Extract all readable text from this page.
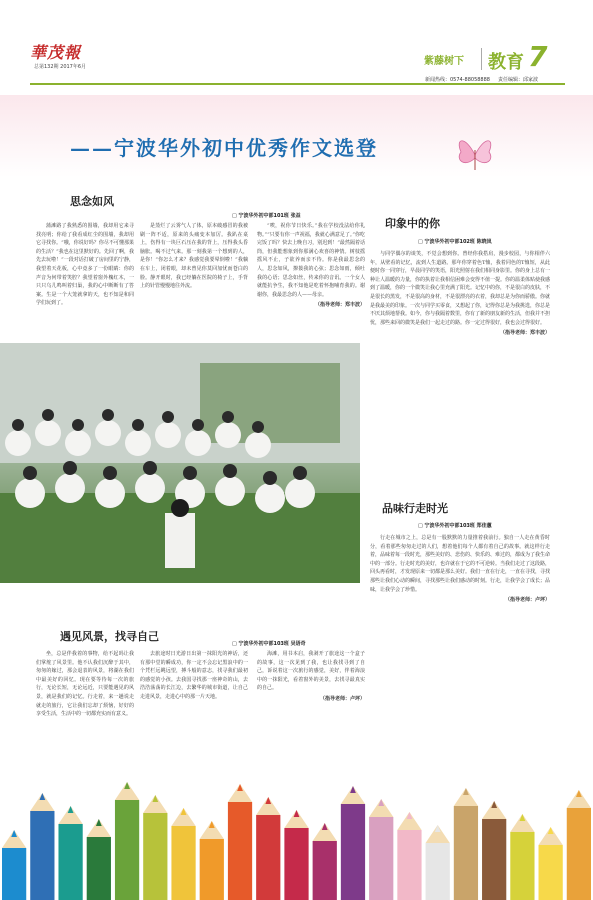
華茂報
总第132期 2017年6月	紫藤树下 教育 7
新闻热线：0574-88058888 责任编辑：邱家波
——宁波华外初中优秀作文选登
思念如风
□ 宁波华外初中部101班 张益

蒲滩路了我熟悉的围墙，我却用它来寻找亮明；你给了我看成红尘的围墙，我却用它寻找你。“哦，你说好吗？你尽不可懂那果的生活？”我也在这里默好的。先回了啊，我先去玩啦！”一段对话打破了房间里的宁静，我望着天花板，心中竟多了一份眼睛：你的声音为何带着笑腔？我望着窗外槐红木，一只只乌儿鸣叫着归巢，我的心中断断有了答案。生是一个大笼就拿的天，也不知是和同学们玩到了。

是蒸烂了云雾气人了体，原本破感冒的我被刷一阵不适，原来的头痛变本加厉。我趴在桌上，伤得有一块巨石压在我的背上，压得我头昏脑胀。喝不过气来。那一刻我第一个想到的人，是你！“你怎么才来？我感觉我要晕倒啦！”我躺在车上，闭着眼，却未曾见你莫回加忧而苍白的脸。静开眼时，我已经躺在医院的椅子上，手背上的针管慢慢地往外流。

“唉，祝你节日快乐。”我在学校没法给你礼物。”“只要有你一声祝福，我就心满意足了。”你吃完饭了吗？快去上晚自习，别迟到！”最然隔着话筒，但我能想象到你那满心欢喜的神情。树枝摇摇风不止，子欲养而亲不待。你是我最思念的人，思念如风，撩拨我的心弦；思念如雨，倾吐我的心语；思念如丝，传来你的音讯。一个女人就能抗争生，我不知他是吃着怀抱哺育我的。谢谢你，我最思念的人——母亲。

（指导老师：郑丰波）
印象中的你
□ 宁波华外初中部102班 陈晓岚

与同学偶尔的谈笑，不觉会想到你。曾经你我搭肩，漫步校园，与你相伴六年，从壁看的记忆，流到人生道路。那年你穿着色T恤，我着同色的T恤短，从此便时你一同穿行，早晨同学的笑语，阳光照射在我们相同身影里。你的身上总有一种让人温暖的力量，你的执着让我相信困难会变得不值一提。你的温柔体贴使我感到了温暖，你的一个微笑让我心里充满了阳光。记忆中的你，不是很白的皮肤，不是很长的黑发，不是很高的身材，不是很漂亮的衣着，我却总是为你而骄傲。你就是我最美的印象。一次与同学买零食，又想起了你，记得你总是为我挑选，你总是不厌其烦地帮我。如今，你与我隔着数里，你有了新的朋友新的生活，但我并不担忧，那些来回的微笑是我们一起走过的路。你一定过得很好，我也会过得很好。

（指导老师：郑丰波）
品味行走时光
□ 宁波华外初中部103班 郑佳蕙

行走在城市之上，总是有一股默默的力量推着我前行。独自一人走在黄昏时分，看着那些匆匆走过的人们，想着他们每个人都有着自己的故事。就这样行走着，品味着每一段时光，那些美好的、悲伤的、快乐的、难过的，都成为了我生命中的一部分。行走时光的美好，也许就在于它的不可逆转。当我们走过了这段路，回头再看时，才发现原来一切都是那么美好。我们一直在行走，一直在寻找，寻找那些让我们心动的瞬间，寻找那些让我们感动的时刻。行走，让我学会了成长；品味，让我学会了珍惜。

（指导老师：卢坪）
遇见风景，找寻自己
□ 宁波华外初中部103班 吴语奇

坐，总是伴我着的事物，给不起吗让我们掌舵了风景里。他不认我们沉醉于其中，匆匆的嫁过，那会退表的风景，将湖在我们中最美好的回忆。现在要等待每一次的旅行，无论长短，无论远近，只要能遇见的风景，就是我们的记忆。行走着，来一趟说走就走的旅行，它让我们忘却了烦恼，好好的享受生活，生活中的一切都充实而有意义。

去旅途时日光游日出第一抹阳光的神话，还有那中堂的瞬成功，你一定不会忘记黑浪中的一个凭栏远眺远望，搏斗般的意志，找寻我们最初的感觉的小孩。去我国寻找那一座神奇的山，去浩浩荡荡的长江边，去繁华的城市街道，让自己走进风景，走进心中的那一片天地。

海滩，用书本启，我剥开了旅途这一个盒子的故事，这一次见到了我，也让我找寻到了自己，诉说着这一次旅行的感觉，美好，伴着海浪中的一抹阳光，看着窗外的美景，去找寻最真实的自己。

（指导老师：卢坪）
